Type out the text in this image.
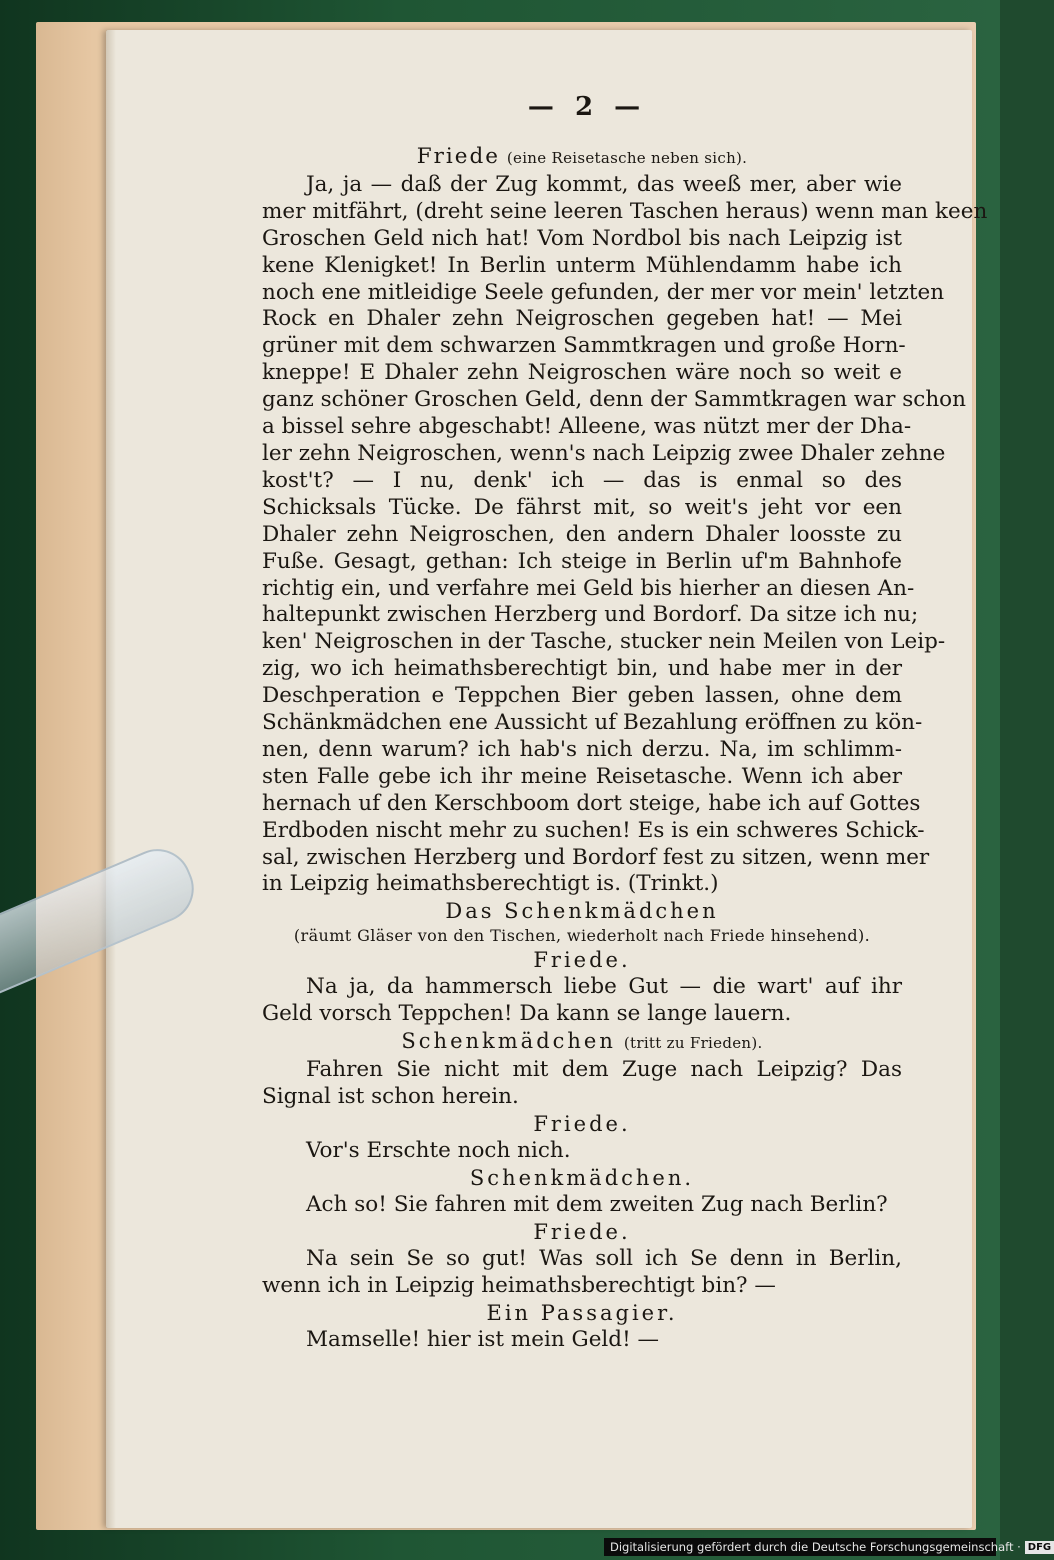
— 2 —
Friede (eine Reisetasche neben sich).
Ja, ja — daß der Zug kommt, das weeß mer, aber wie
mer mitfährt, (dreht seine leeren Taschen heraus) wenn man keen
Groschen Geld nich hat! Vom Nordbol bis nach Leipzig ist
kene Klenigket! In Berlin unterm Mühlendamm habe ich
noch ene mitleidige Seele gefunden, der mer vor mein' letzten
Rock en Dhaler zehn Neigroschen gegeben hat! — Mei
grüner mit dem schwarzen Sammtkragen und große Horn-
kneppe! E Dhaler zehn Neigroschen wäre noch so weit e
ganz schöner Groschen Geld, denn der Sammtkragen war schon
a bissel sehre abgeschabt! Alleene, was nützt mer der Dha-
ler zehn Neigroschen, wenn's nach Leipzig zwee Dhaler zehne
kost't? — I nu, denk' ich — das is enmal so des
Schicksals Tücke. De fährst mit, so weit's jeht vor een
Dhaler zehn Neigroschen, den andern Dhaler loosste zu
Fuße. Gesagt, gethan: Ich steige in Berlin uf'm Bahnhofe
richtig ein, und verfahre mei Geld bis hierher an diesen An-
haltepunkt zwischen Herzberg und Bordorf. Da sitze ich nu;
ken' Neigroschen in der Tasche, stucker nein Meilen von Leip-
zig, wo ich heimathsberechtigt bin, und habe mer in der
Deschperation e Teppchen Bier geben lassen, ohne dem
Schänkmädchen ene Aussicht uf Bezahlung eröffnen zu kön-
nen, denn warum? ich hab's nich derzu. Na, im schlimm-
sten Falle gebe ich ihr meine Reisetasche. Wenn ich aber
hernach uf den Kerschboom dort steige, habe ich auf Gottes
Erdboden nischt mehr zu suchen! Es is ein schweres Schick-
sal, zwischen Herzberg und Bordorf fest zu sitzen, wenn mer
in Leipzig heimathsberechtigt is. (Trinkt.)
Das Schenkmädchen
(räumt Gläser von den Tischen, wiederholt nach Friede hinsehend).
Friede.
Na ja, da hammersch liebe Gut — die wart' auf ihr
Geld vorsch Teppchen! Da kann se lange lauern.
Schenkmädchen (tritt zu Frieden).
Fahren Sie nicht mit dem Zuge nach Leipzig? Das
Signal ist schon herein.
Friede.
Vor's Erschte noch nich.
Schenkmädchen.
Ach so! Sie fahren mit dem zweiten Zug nach Berlin?
Friede.
Na sein Se so gut! Was soll ich Se denn in Berlin,
wenn ich in Leipzig heimathsberechtigt bin? —
Ein Passagier.
Mamselle! hier ist mein Geld! —
Digitalisierung gefördert durch die Deutsche Forschungsgemeinschaft · DFG
